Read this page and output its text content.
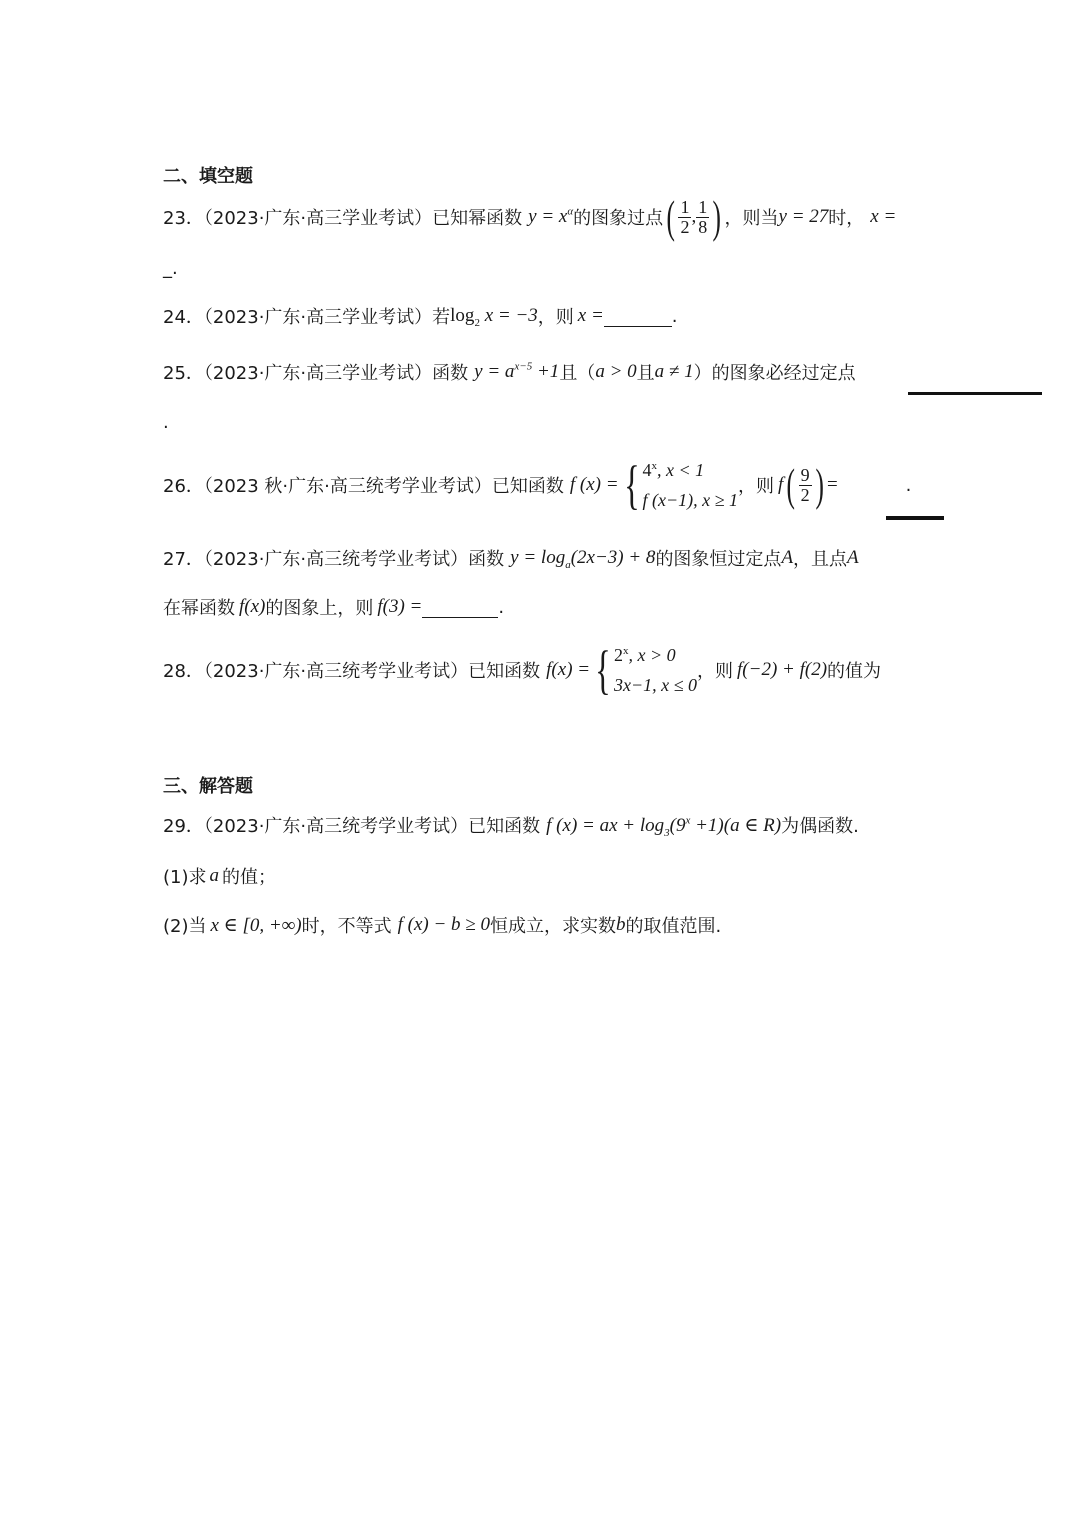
二、填空题
23．（2023·广东·高三学业考试）已知幂函数 $y = x^\alpha$ 的图象过点 ( $\frac{1}{2}$ , $\frac{1}{8}$ ) ，则当 y = 27 时， x =
_.
24．（2023·广东·高三学业考试）若 $\log_2 x = -3$ ，则 x =	.
25．（2023·广东·高三学业考试）函数 $y = a^{x-5} +1$ 且（ a > 0 且 a ≠ 1 ）的图象必经过定点
.
26．（2023 秋·广东·高三统考学业考试）已知函数 f (x) = { 4$^x$, x < 1
f (x−1), x ≥ 1
，则 f ( $\frac{9}{2}$ ) =	.
27．（2023·广东·高三统考学业考试）函数 $y = \log_a(2x-3) + 8$ 的图象恒过定点 A ，且点 A
在幂函数 f(x) 的图象上，则 f(3) =	.
28．（2023·广东·高三统考学业考试）已知函数 f(x) = { 2$^x$, x > 0
3x−1, x ≤ 0
，则 f(−2) + f(2) 的值为
三、解答题
29．（2023·广东·高三统考学业考试）已知函数 f (x) = ax + $\log_3(9^x +1)(a$ ∈ R) 为偶函数.
(1)求 a 的值；
(2)当 x ∈ [0, +∞) 时，不等式 f (x) − b ≥ 0 恒成立，求实数 b 的取值范围.
